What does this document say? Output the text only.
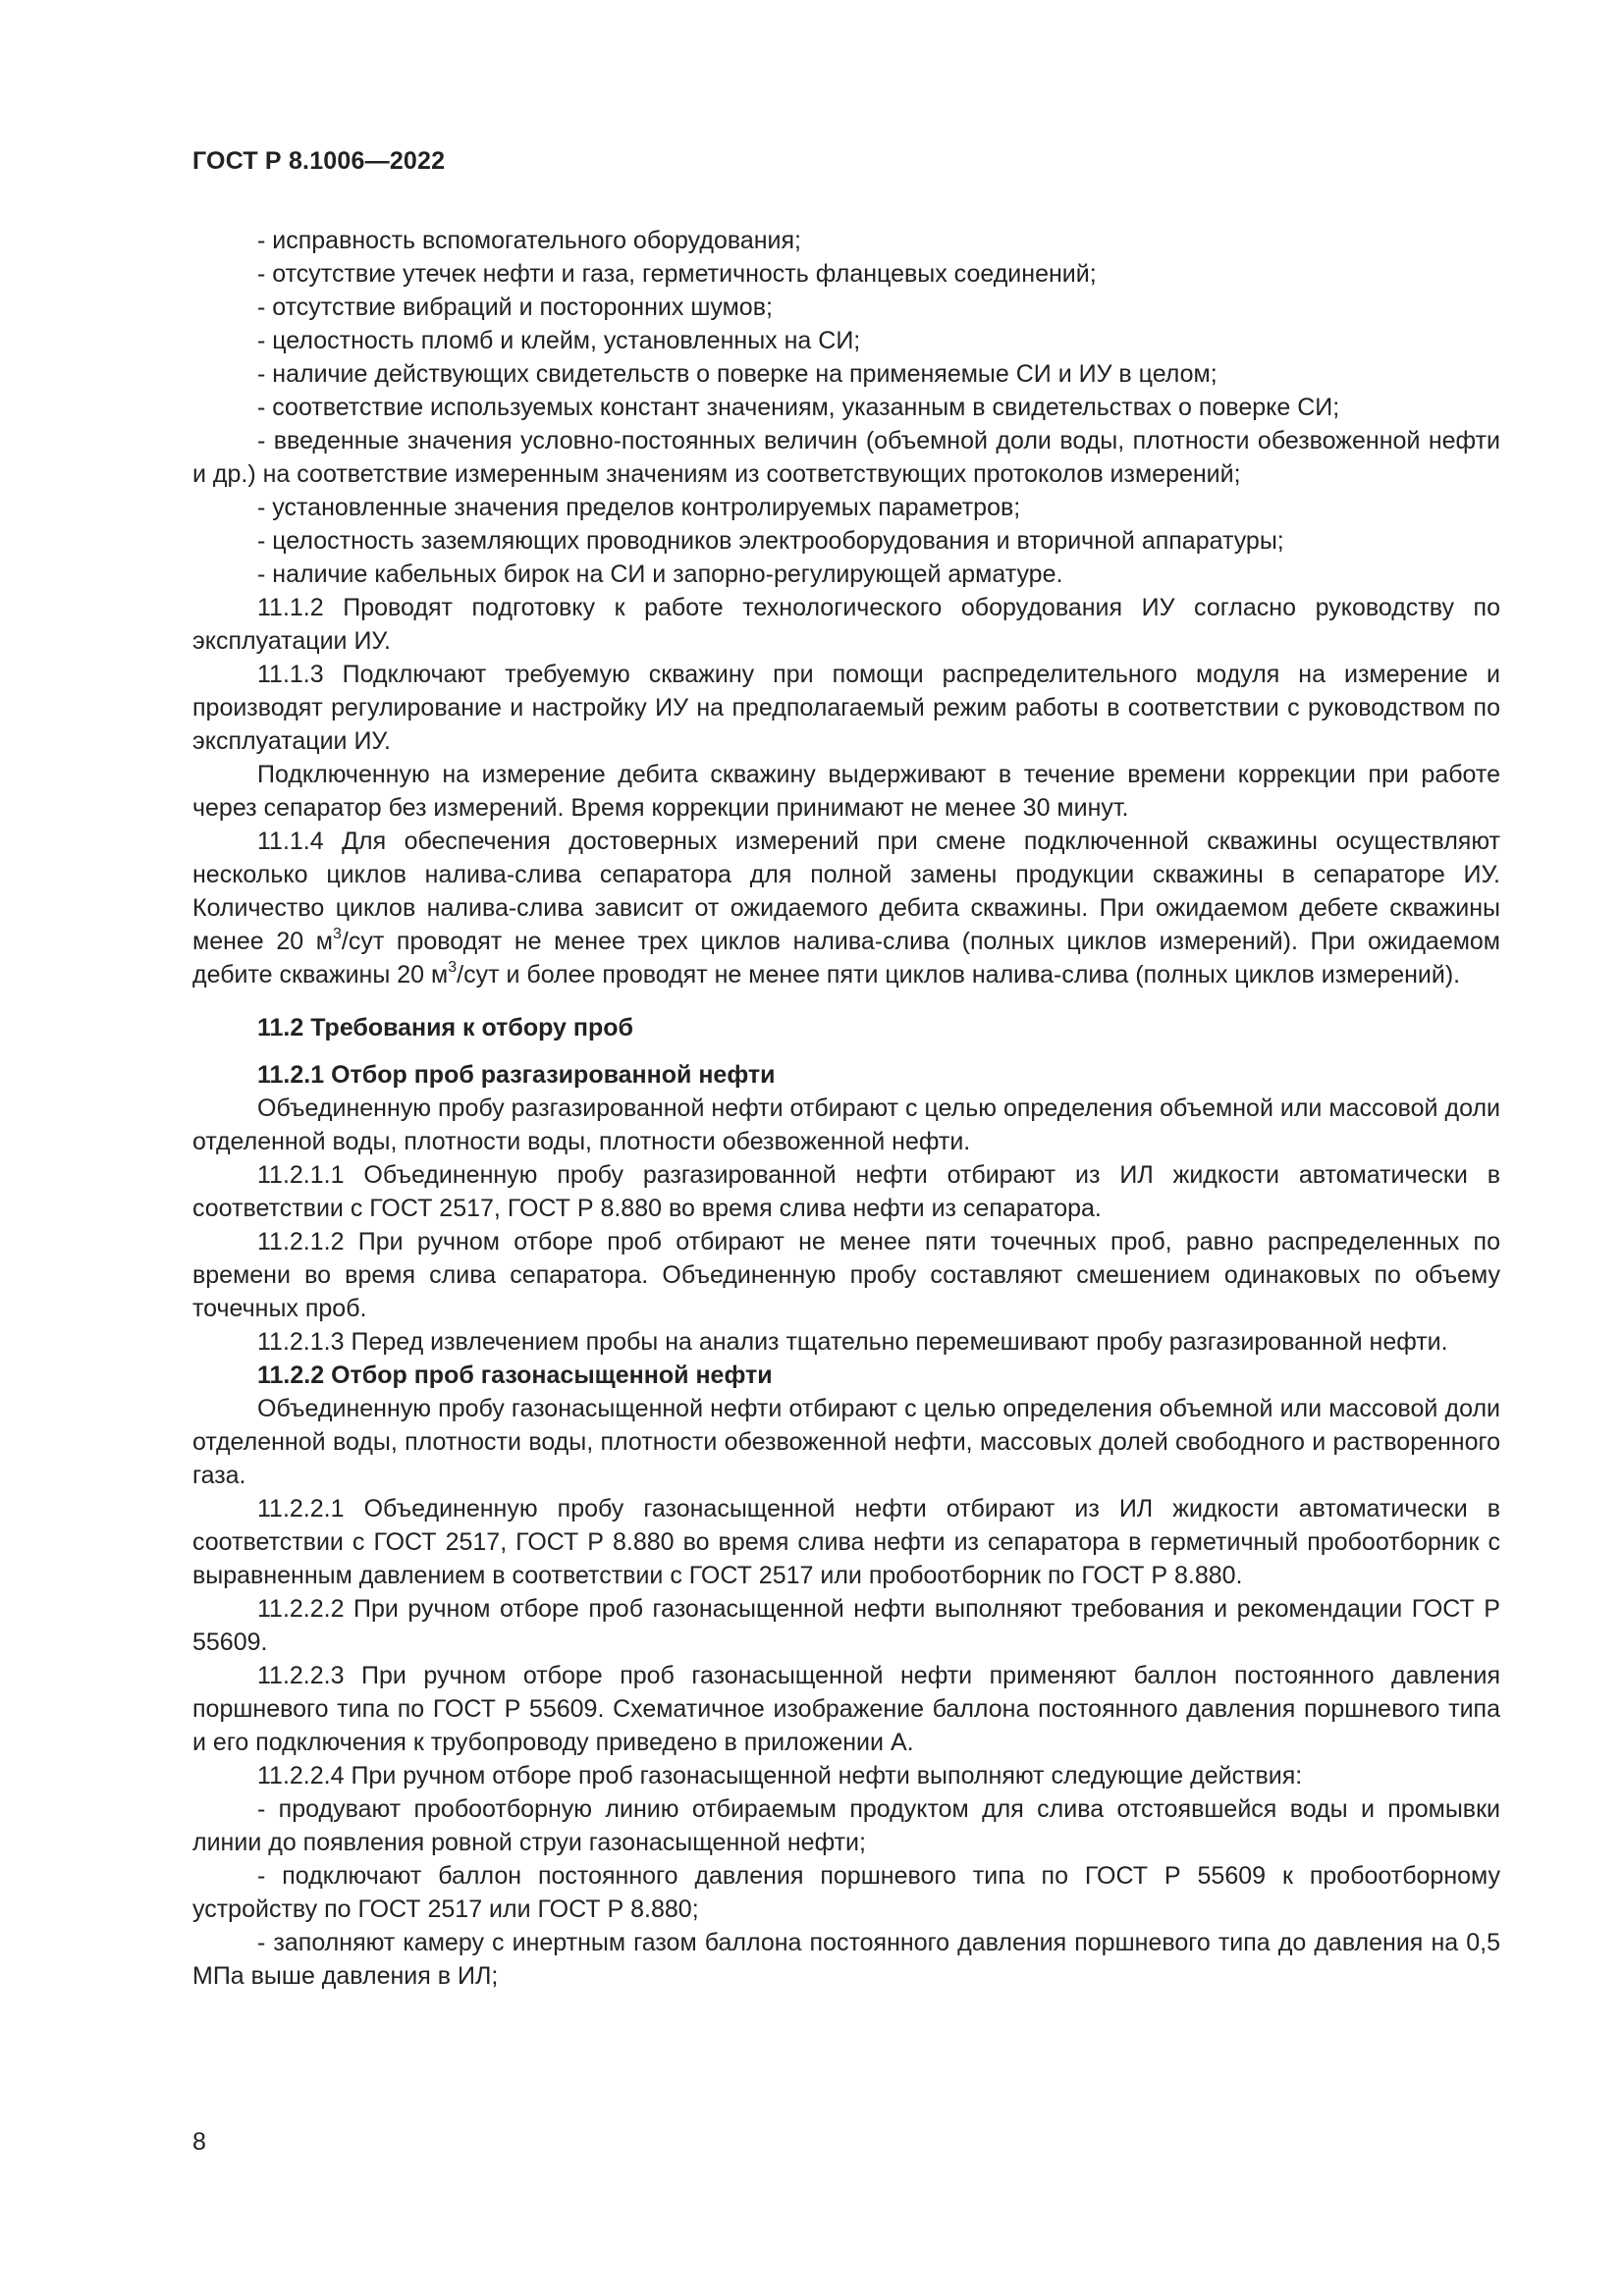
ГОСТ Р 8.1006—2022

- исправность вспомогательного оборудования;

- отсутствие утечек нефти и газа, герметичность фланцевых соединений;

- отсутствие вибраций и посторонних шумов;

- целостность пломб и клейм, установленных на СИ;

- наличие действующих свидетельств о поверке на применяемые СИ и ИУ в целом;

- соответствие используемых констант значениям, указанным в свидетельствах о поверке СИ;

- введенные значения условно-постоянных величин (объемной доли воды, плотности обезвоженной нефти и др.) на соответствие измеренным значениям из соответствующих протоколов измерений;

- установленные значения пределов контролируемых параметров;

- целостность заземляющих проводников электрооборудования и вторичной аппаратуры;

- наличие кабельных бирок на СИ и запорно-регулирующей арматуре.

11.1.2 Проводят подготовку к работе технологического оборудования ИУ согласно руководству по эксплуатации ИУ.

11.1.3 Подключают требуемую скважину при помощи распределительного модуля на измерение и производят регулирование и настройку ИУ на предполагаемый режим работы в соответствии с руководством по эксплуатации ИУ.

Подключенную на измерение дебита скважину выдерживают в течение времени коррекции при работе через сепаратор без измерений. Время коррекции принимают не менее 30 минут.

11.1.4 Для обеспечения достоверных измерений при смене подключенной скважины осуществляют несколько циклов налива-слива сепаратора для полной замены продукции скважины в сепараторе ИУ. Количество циклов налива-слива зависит от ожидаемого дебита скважины. При ожидаемом дебете скважины менее 20 $м^3$/сут проводят не менее трех циклов налива-слива (полных циклов измерений). При ожидаемом дебите скважины 20 $м^3$/сут и более проводят не менее пяти циклов налива-слива (полных циклов измерений).

11.2 Требования к отбору проб
11.2.1 Отбор проб разгазированной нефти

Объединенную пробу разгазированной нефти отбирают с целью определения объемной или массовой доли отделенной воды, плотности воды, плотности обезвоженной нефти.

11.2.1.1 Объединенную пробу разгазированной нефти отбирают из ИЛ жидкости автоматически в соответствии с ГОСТ 2517, ГОСТ Р 8.880 во время слива нефти из сепаратора.

11.2.1.2 При ручном отборе проб отбирают не менее пяти точечных проб, равно распределенных по времени во время слива сепаратора. Объединенную пробу составляют смешением одинаковых по объему точечных проб.

11.2.1.3 Перед извлечением пробы на анализ тщательно перемешивают пробу разгазированной нефти.

11.2.2 Отбор проб газонасыщенной нефти

Объединенную пробу газонасыщенной нефти отбирают с целью определения объемной или массовой доли отделенной воды, плотности воды, плотности обезвоженной нефти, массовых долей свободного и растворенного газа.

11.2.2.1 Объединенную пробу газонасыщенной нефти отбирают из ИЛ жидкости автоматически в соответствии с ГОСТ 2517, ГОСТ Р 8.880 во время слива нефти из сепаратора в герметичный пробоотборник с выравненным давлением в соответствии с ГОСТ 2517 или пробоотборник по ГОСТ Р 8.880.

11.2.2.2 При ручном отборе проб газонасыщенной нефти выполняют требования и рекомендации ГОСТ Р 55609.

11.2.2.3 При ручном отборе проб газонасыщенной нефти применяют баллон постоянного давления поршневого типа по ГОСТ Р 55609. Схематичное изображение баллона постоянного давления поршневого типа и его подключения к трубопроводу приведено в приложении А.

11.2.2.4 При ручном отборе проб газонасыщенной нефти выполняют следующие действия:

- продувают пробоотборную линию отбираемым продуктом для слива отстоявшейся воды и промывки линии до появления ровной струи газонасыщенной нефти;

- подключают баллон постоянного давления поршневого типа по ГОСТ Р 55609 к пробоотборному устройству по ГОСТ 2517 или ГОСТ Р 8.880;

- заполняют камеру с инертным газом баллона постоянного давления поршневого типа до давления на 0,5 МПа выше давления в ИЛ;

8
